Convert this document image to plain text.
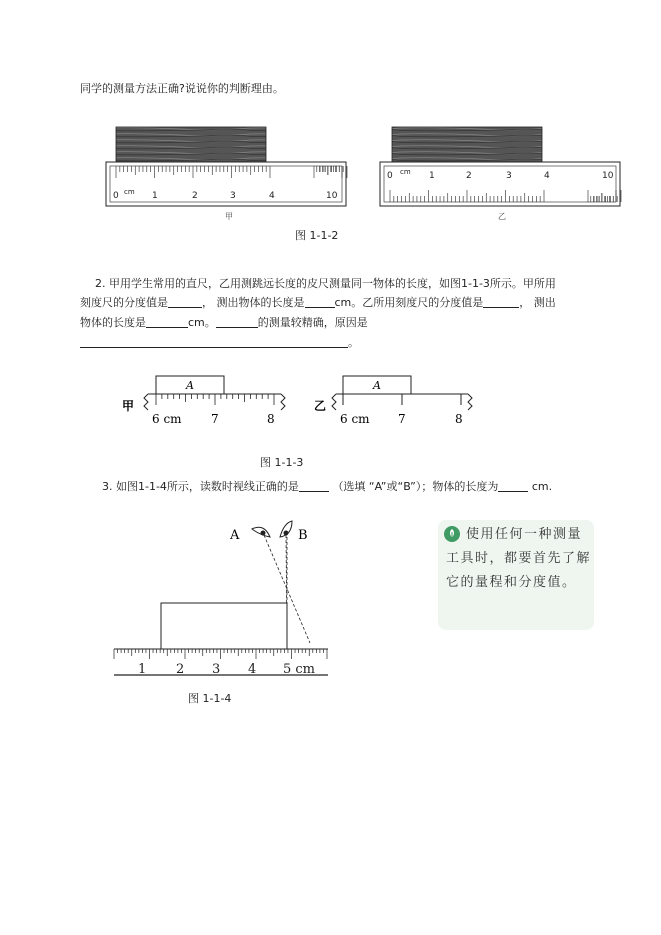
同学的测量方法正确?说说你的判断理由。
0 cm 1	2	3	4	10
甲
0 cm 1	2	3	4	10
乙
图 1-1-2
2. 甲用学生常用的直尺，乙用测跳远长度的皮尺测量同一物体的长度，如图1-1-3所示。甲所用
刻度尺的分度值是	， 测出物体的长度是	cm。乙所用刻度尺的分度值是	， 测出
物体的长度是	cm。	的测量较精确，原因是
。
A
甲
6 cm 7	8
A
乙
6 cm 7	8
图 1-1-3
3. 如图1-1-4所示，读数时视线正确的是	（选填 “A”或“B”）；物体的长度为	cm.
A	B
1 2 3 4 5 cm
图 1-1-4
使用任何一种测量工具时，都要首先了解它的量程和分度值。
